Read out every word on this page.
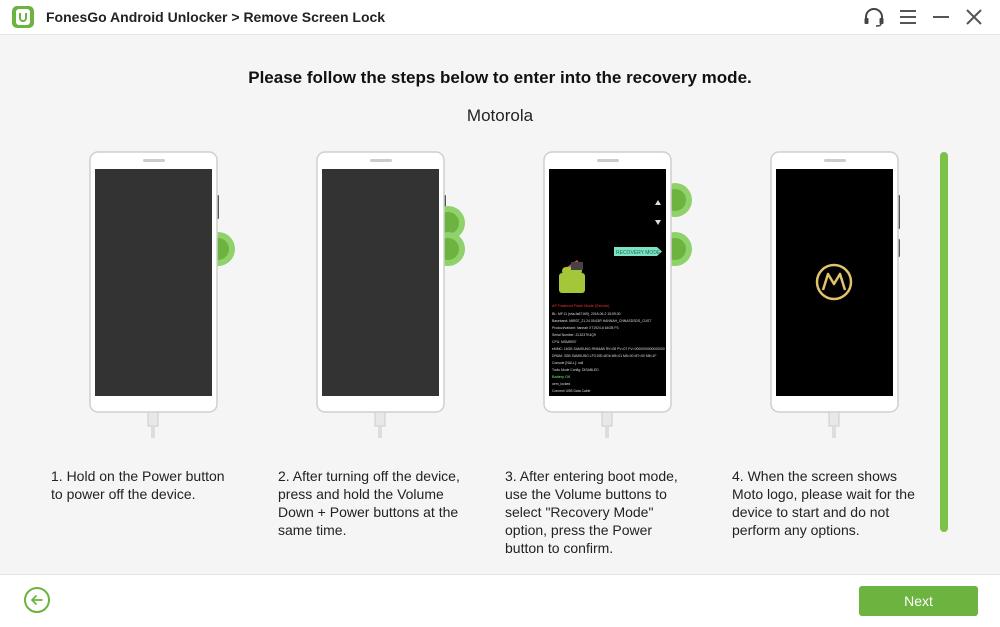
FonesGo Android Unlocker > Remove Screen Lock
Please follow the steps below to enter into the recovery mode.
Motorola
RECOVERY MODE
AP Fastboot Flash Mode (Secure)
BL: MF.11 (sha-fa67169), 2018-06-2 15:59:30
Baseband: M8937_21.24.05.63R HANNAH_CNNASDSDS_CUST
Product/variant: hannah XT1924-6 64GB P3
Serial Number: ZL323TK4Q9
CPU: MSM8937
eMMC: 16GB SAMSUNG RH64AB RV=08 PV=07 FV=0000000000000000
DRAM: 3GB SAMSUNG LP3 DIE=8Gb M5=01 M6=00 M7=00 M8=1F
Console [NULL]: null
Tools Mode Config: DISABLED
Battery OK
oem_locked
Connect USB Data Cable
1. Hold on the Power button to power off the device.
2. After turning off the device, press and hold the Volume Down + Power buttons at the same time.
3. After entering boot mode, use the Volume buttons to select "Recovery Mode" option, press the Power button to confirm.
4. When the screen shows Moto logo, please wait for the device to start and do not perform any options.
Next
